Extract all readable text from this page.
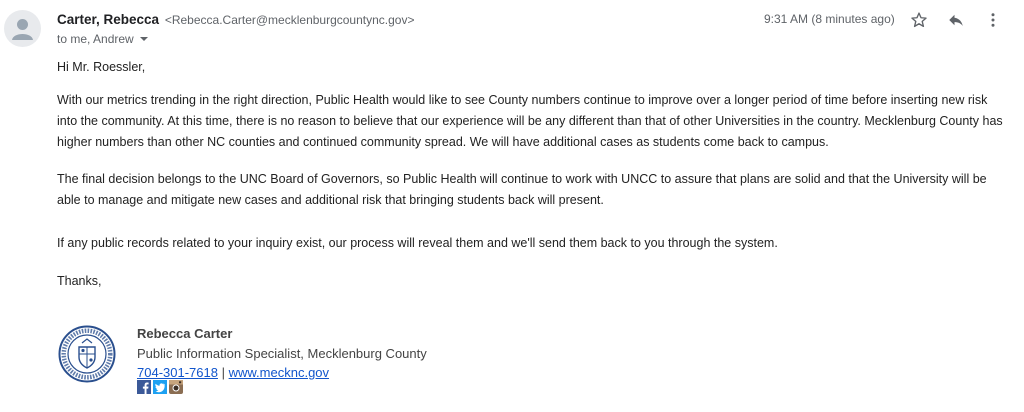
Carter, Rebecca <Rebecca.Carter@mecklenburgcountync.gov>
to me, Andrew
9:31 AM (8 minutes ago)
Hi Mr. Roessler,
With our metrics trending in the right direction, Public Health would like to see County numbers continue to improve over a longer period of time before inserting new risk into the community. At this time, there is no reason to believe that our experience will be any different than that of other Universities in the country. Mecklenburg County has higher numbers than other NC counties and continued community spread. We will have additional cases as students come back to campus.
The final decision belongs to the UNC Board of Governors, so Public Health will continue to work with UNCC to assure that plans are solid and that the University will be able to manage and mitigate new cases and additional risk that bringing students back will present.
If any public records related to your inquiry exist, our process will reveal them and we'll send them back to you through the system.
Thanks,
Rebecca Carter
Public Information Specialist, Mecklenburg County
704-301-7618 | www.mecknc.gov
